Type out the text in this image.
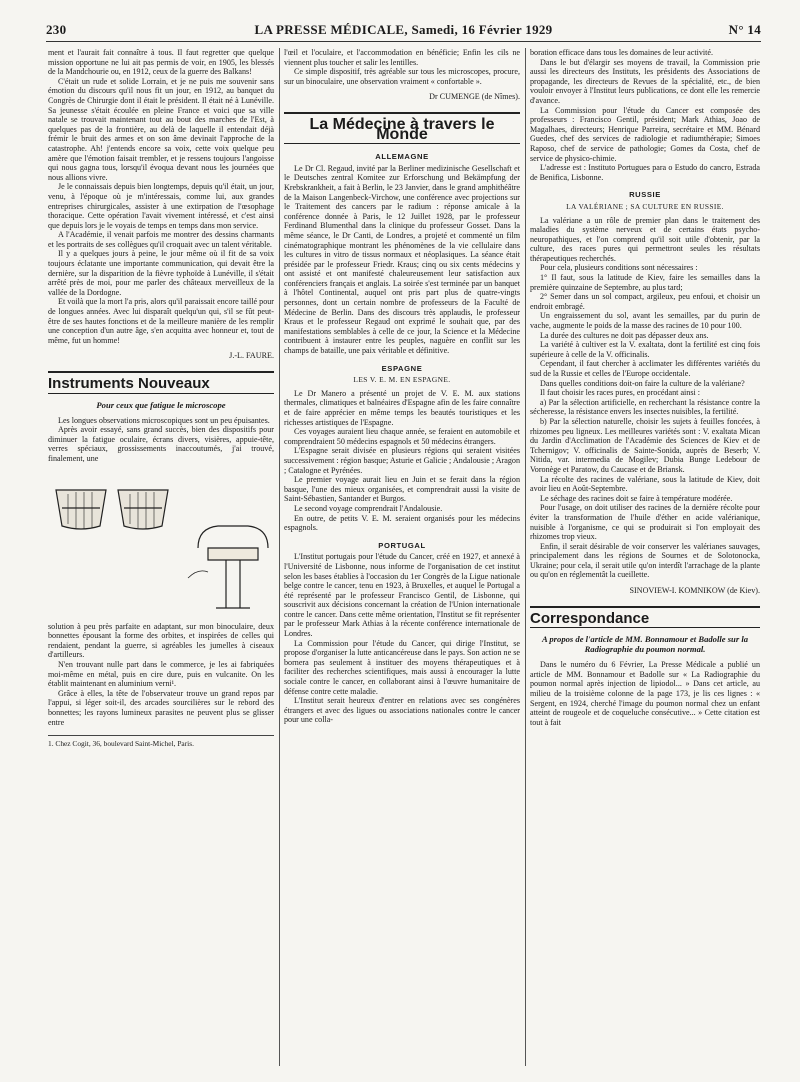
230	LA PRESSE MÉDICALE, Samedi, 16 Février 1929	N° 14

ment et l'aurait fait connaître à tous. Il faut regretter que quelque mission opportune ne lui ait pas permis de voir, en 1905, les blessés de la Mandchourie ou, en 1912, ceux de la guerre des Balkans!

C'était un rude et solide Lorrain, et je ne puis me souvenir sans émotion du discours qu'il nous fit un jour, en 1912, au banquet du Congrès de Chirurgie dont il était le président. Il était né à Lunéville. Sa jeunesse s'était écoulée en pleine France et voici que sa ville natale se trouvait maintenant tout au bout des marches de l'Est, à quelques pas de la frontière, au delà de laquelle il entendait déjà frémir le bruit des armes et on son âme devinait l'approche de la catastrophe. Ah! j'entends encore sa voix, cette voix quelque peu amère que l'émotion faisait trembler, et je ressens toujours l'angoisse qui nous gagna tous, lorsqu'il évoqua devant nous les journées que nous allions vivre.

Je le connaissais depuis bien longtemps, depuis qu'il était, un jour, venu, à l'époque où je m'intéressais, comme lui, aux grandes entreprises chirurgicales, assister à une extirpation de l'œsophage thoracique. Cette opération l'avait vivement intéressé, et c'est ainsi que depuis lors je le voyais de temps en temps dans mon service.

A l'Académie, il venait parfois me montrer des dessins charmants et les portraits de ses collègues qu'il croquait avec un talent véritable.

Il y a quelques jours à peine, le jour même où il fit de sa voix toujours éclatante une importante communication, qui devait être la dernière, sur la disparition de la fièvre typhoïde à Lunéville, il s'était arrêté près de moi, pour me parler des châteaux merveilleux de la vallée de la Dordogne.

Et voilà que la mort l'a pris, alors qu'il paraissait encore taillé pour de longues années. Avec lui disparaît quelqu'un qui, s'il se fût peut-être de ses hautes fonctions et de la meilleure manière de les remplir une conception d'un autre âge, s'en acquitta avec honneur et, tout de même, fut un homme!

J.-L. FAURE.
Instruments Nouveaux
Pour ceux que fatigue le microscope

Les longues observations microscopiques sont un peu épuisantes.

Après avoir essayé, sans grand succès, bien des dispositifs pour diminuer la fatigue oculaire, écrans divers, visières, appuie-tête, verres spéciaux, grossissements inaccoutumés, j'ai trouvé, finalement, une

solution à peu près parfaite en adaptant, sur mon binoculaire, deux bonnettes épousant la forme des orbites, et inspirées de celles qui rendaient, pendant la guerre, si agréables les jumelles à ciseaux d'artilleurs.

N'en trouvant nulle part dans le commerce, je les ai fabriquées moi-même en métal, puis en cire dure, puis en vulcanite. On les établit maintenant en aluminium verni¹.

Grâce à elles, la tête de l'observateur trouve un grand repos par l'appui, si léger soit-il, des arcades sourcilières sur le rebord des bonnettes; les rayons lumineux parasites ne peuvent plus se glisser entre

1. Chez Cogit, 36, boulevard Saint-Michel, Paris.

l'œil et l'oculaire, et l'accommodation en bénéficie; Enfin les cils ne viennent plus toucher et salir les lentilles.

Ce simple dispositif, très agréable sur tous les microscopes, procure, sur un binoculaire, une observation vraiment « confortable ».

Dr CUMENGE (de Nîmes).
La Médecine à travers le Monde
ALLEMAGNE

Le Dr Cl. Regaud, invité par la Berliner medizinische Gesellschaft et le Deutsches zentral Komitee zur Erforschung und Bekämpfung der Krebskrankheit, a fait à Berlin, le 23 Janvier, dans le grand amphithéâtre de la Maison Langenbeck-Virchow, une conférence avec projections sur le Traitement des cancers par le radium : réponse amicale à la conférence donnée à Paris, le 12 Juillet 1928, par le professeur Ferdinand Blumenthal dans la clinique du professeur Gosset. Dans la même séance, le Dr Canti, de Londres, a projeté et commenté un film cinématographique montrant les phénomènes de la vie cellulaire dans les cultures in vitro de tissus normaux et néoplasiques. La séance était présidée par le professeur Friedr. Kraus; cinq ou six cents médecins y ont assisté et ont manifesté chaleureusement leur satisfaction aux conférenciers français et anglais. La soirée s'est terminée par un banquet à l'hôtel Continental, auquel ont pris part plus de quatre-vingts personnes, dont un certain nombre de professeurs de la Faculté de Médecine de Berlin. Dans des discours très applaudis, le professeur Kraus et le professeur Regaud ont exprimé le souhait que, par des manifestations semblables à celle de ce jour, la Science et la Médecine contribuent à instaurer entre les peuples, naguère en conflit sur les champs de bataille, une paix véritable et définitive.

ESPAGNE
LES V. E. M. EN ESPAGNE.

Le Dr Manero a présenté un projet de V. E. M. aux stations thermales, climatiques et balnéaires d'Espagne afin de les faire connaître et de faire apprécier en même temps les beautés touristiques et les richesses artistiques de l'Espagne.

Ces voyages auraient lieu chaque année, se feraient en automobile et comprendraient 50 médecins espagnols et 50 médecins étrangers.

L'Espagne serait divisée en plusieurs régions qui seraient visitées successivement : région basque; Asturie et Galicie ; Andalousie ; Aragon ; Catalogne et Pyrénées.

Le premier voyage aurait lieu en Juin et se ferait dans la région basque, l'une des mieux organisées, et comprendrait aussi la visite de Saint-Sébastien, Santander et Burgos.

Le second voyage comprendrait l'Andalousie.

En outre, de petits V. E. M. seraient organisés pour les médecins espagnols.

PORTUGAL

L'Institut portugais pour l'étude du Cancer, créé en 1927, et annexé à l'Université de Lisbonne, nous informe de l'organisation de cet institut selon les bases établies à l'occasion du 1er Congrès de la Ligue nationale belge contre le cancer, tenu en 1923, à Bruxelles, et auquel le Portugal a été représenté par le professeur Francisco Gentil, de Lisbonne, qui souscrivit aux décisions concernant la création de l'Union internationale contre le cancer. Dans cette même orientation, l'Institut se fit représenter par le professeur Mark Athias à la récente conférence internationale de Londres.

La Commission pour l'étude du Cancer, qui dirige l'Institut, se propose d'organiser la lutte anticancéreuse dans le pays. Son action ne se bornera pas seulement à instituer des moyens thérapeutiques et à faciliter des recherches scientifiques, mais aussi à encourager la lutte sociale contre le cancer, en collaborant ainsi à l'œuvre humanitaire de défense contre cette maladie.

L'Institut serait heureux d'entrer en relations avec ses congénères étrangers et avec des ligues ou associations nationales contre le cancer pour une colla-

boration efficace dans tous les domaines de leur activité.

Dans le but d'élargir ses moyens de travail, la Commission prie aussi les directeurs des Instituts, les présidents des Associations de propagande, les directeurs de Revues de la spécialité, etc., de bien vouloir envoyer à l'Institut leurs publications, ce dont elle les remercie d'avance.

La Commission pour l'étude du Cancer est composée des professeurs : Francisco Gentil, président; Mark Athias, Joao de Magalhaes, directeurs; Henrique Parreira, secrétaire et MM. Bénard Guedes, chef des services de radiologie et radiumthérapie; Simoes Raposo, chef de service de pathologie; Gomes da Costa, chef de service de physico-chimie.

L'adresse est : Instituto Portugues para o Estudo do cancro, Estrada de Benifica, Lisbonne.

RUSSIE
LA VALÉRIANE ; SA CULTURE EN RUSSIE.

La valériane a un rôle de premier plan dans le traitement des maladies du système nerveux et de certains états psycho-neuropathiques, et l'on comprend qu'il soit utile d'obtenir, par la culture, des races pures qui permettront seules les résultats thérapeutiques recherchés.

Pour cela, plusieurs conditions sont nécessaires :

1° Il faut, sous la latitude de Kiev, faire les semailles dans la première quinzaine de Septembre, au plus tard;

2° Semer dans un sol compact, argileux, peu enfoui, et choisir un endroit embragé.

Un engraissement du sol, avant les semailles, par du purin de vache, augmente le poids de la masse des racines de 10 pour 100.

La durée des cultures ne doit pas dépasser deux ans.

La variété à cultiver est la V. exaltata, dont la fertilité est cinq fois supérieure à celle de la V. officinalis.

Cependant, il faut chercher à acclimater les différentes variétés du sud de la Russie et celles de l'Europe occidentale.

Dans quelles conditions doit-on faire la culture de la valériane?

Il faut choisir les races pures, en procédant ainsi :

a) Par la sélection artificielle, en recherchant la résistance contre la sécheresse, la résistance envers les insectes nuisibles, la fertilité.

b) Par la sélection naturelle, choisir les sujets à feuilles foncées, à rhizomes peu ligneux. Les meilleures variétés sont : V. exaltata Mican du Jardin d'Acclimation de l'Académie des Sciences de Kiev et de Tchernigov; V. officinalis de Sainte-Sonida, auprès de Beserb; V. Nitida, var. intermedia de Mogilev; Dubia Bunge Ledebour de Voronège et Paratow, du Caucase et de Briansk.

La récolte des racines de valériane, sous la latitude de Kiev, doit avoir lieu en Août-Septembre.

Le séchage des racines doit se faire à température modérée.

Pour l'usage, on doit utiliser des racines de la dernière récolte pour éviter la transformation de l'huile d'éther en acide valérianique, nuisible à l'organisme, ce qui se produirait si l'on employait des rhizomes trop vieux.

Enfin, il serait désirable de voir conserver les valérianes sauvages, principalement dans les régions de Sournes et de Solotonocka, Ukraine; pour cela, il serait utile qu'on interdît l'arrachage de la plante ou qu'on en réglementât la cueillette.

SINOVIEW-I. KOMNIKOW (de Kiev).
Correspondance
A propos de l'article de MM. Bonnamour et Badolle sur la Radiographie du poumon normal.

Dans le numéro du 6 Février, La Presse Médicale a publié un article de MM. Bonnamour et Badolle sur « La Radiographie du poumon normal après injection de lipiodol... » Dans cet article, au milieu de la troisième colonne de la page 173, je lis ces lignes : « Sergent, en 1924, cherché l'image du poumon normal chez un enfant atteint de rougeole et de coqueluche consécutive... » Cette citation est tout à fait
